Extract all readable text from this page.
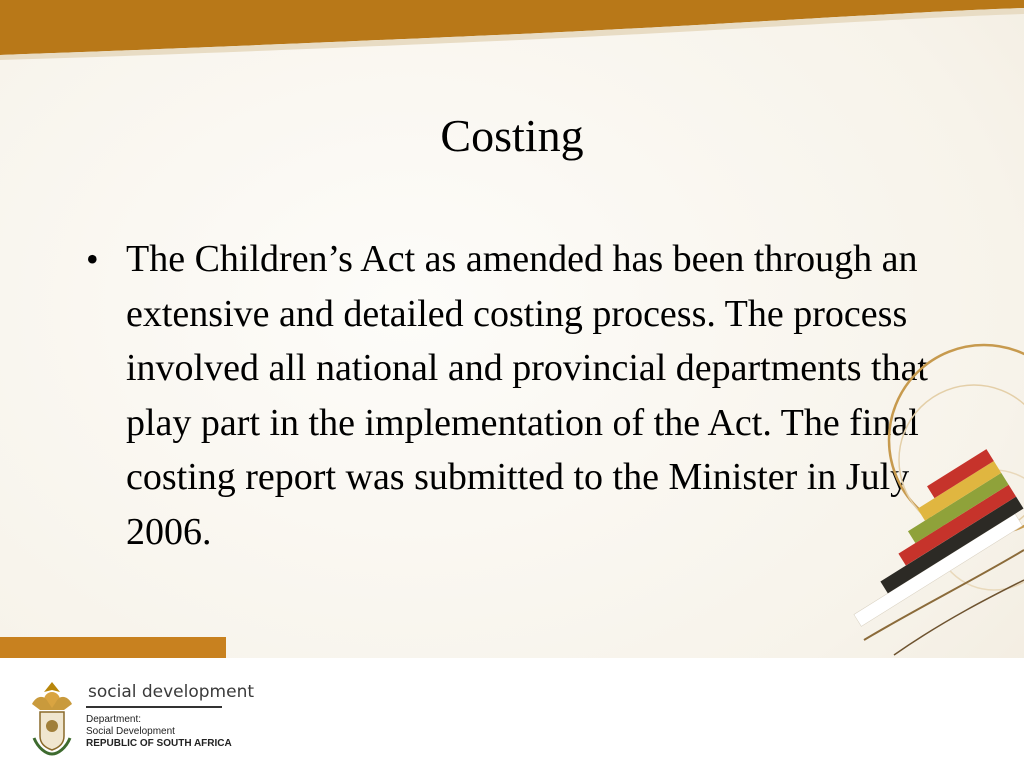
Costing
• The Children’s Act as amended has been through an extensive and detailed costing process. The process involved all national and provincial departments that play part in the implementation of the Act. The final costing report was submitted to the Minister in July 2006.
social development
Department:
Social Development
REPUBLIC OF SOUTH AFRICA
